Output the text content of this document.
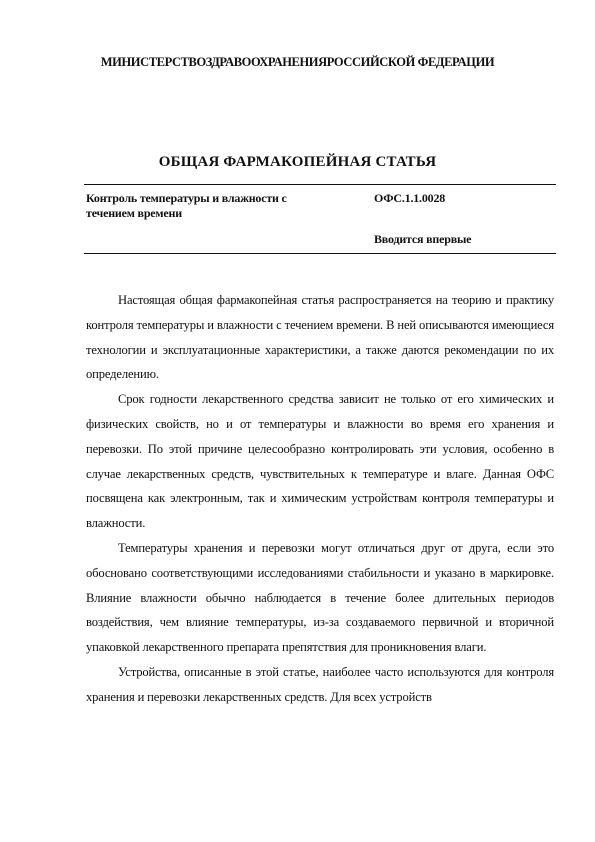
МИНИСТЕРСТВОЗДРАВООХРАНЕНИЯРОССИЙСКОЙ ФЕДЕРАЦИИ
ОБЩАЯ ФАРМАКОПЕЙНАЯ СТАТЬЯ
Контроль температуры и влажности с
течением времени
ОФС.1.1.0028
Вводится впервые

Настоящая общая фармакопейная статья распространяется на теорию и практику контроля температуры и влажности с течением времени. В ней описываются имеющиеся технологии и эксплуатационные характеристики, а также даются рекомендации по их определению.

Срок годности лекарственного средства зависит не только от его химических и физических свойств, но и от температуры и влажности во время его хранения и перевозки. По этой причине целесообразно контролировать эти условия, особенно в случае лекарственных средств, чувствительных к температуре и влаге. Данная ОФС посвящена как электронным, так и химическим устройствам контроля температуры и влажности.

Температуры хранения и перевозки могут отличаться друг от друга, если это обосновано соответствующими исследованиями стабильности и указано в маркировке. Влияние влажности обычно наблюдается в течение более длительных периодов воздействия, чем влияние температуры, из-за создаваемого первичной и вторичной упаковкой лекарственного препарата препятствия для проникновения влаги.

Устройства, описанные в этой статье, наиболее часто используются для контроля хранения и перевозки лекарственных средств. Для всех устройств
